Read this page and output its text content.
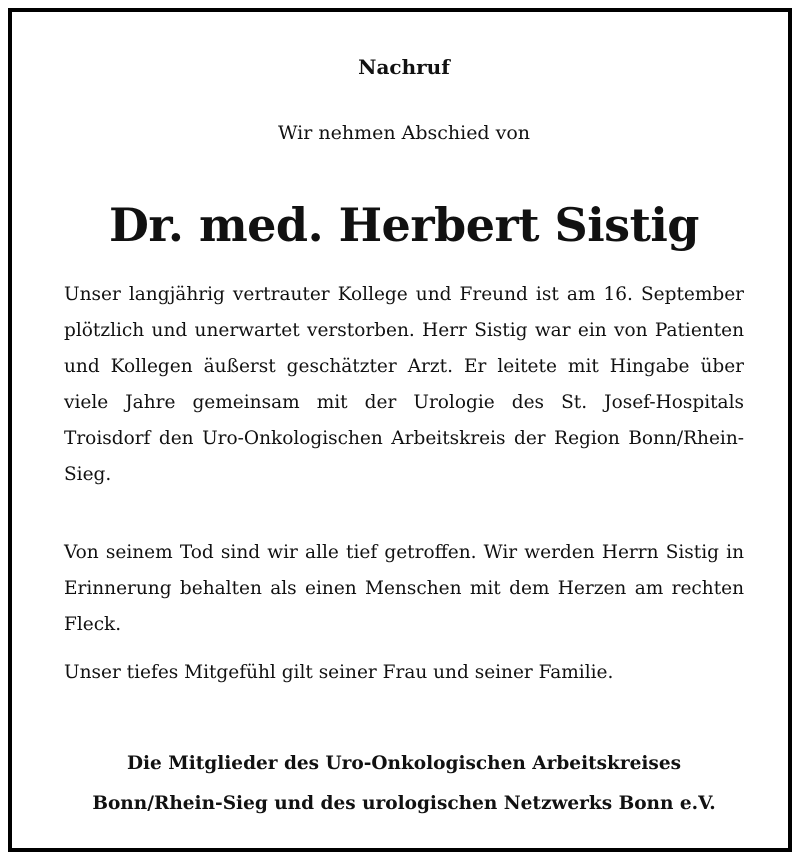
Nachruf
Wir nehmen Abschied von
Dr. med. Herbert Sistig

Unser langjährig vertrauter Kollege und Freund ist am 16. September plötzlich und unerwartet verstorben. Herr Sistig war ein von Patienten und Kollegen äußerst geschätzter Arzt. Er leitete mit Hingabe über viele Jahre gemeinsam mit der Urologie des St. Josef-Hospitals Troisdorf den Uro-Onkologischen Arbeitskreis der Region Bonn/Rhein-Sieg.

Von seinem Tod sind wir alle tief getroffen. Wir werden Herrn Sistig in Erinnerung behalten als einen Menschen mit dem Herzen am rechten Fleck.

Unser tiefes Mitgefühl gilt seiner Frau und seiner Familie.

Die Mitglieder des Uro-Onkologischen Arbeitskreises
Bonn/Rhein-Sieg und des urologischen Netzwerks Bonn e.V.
